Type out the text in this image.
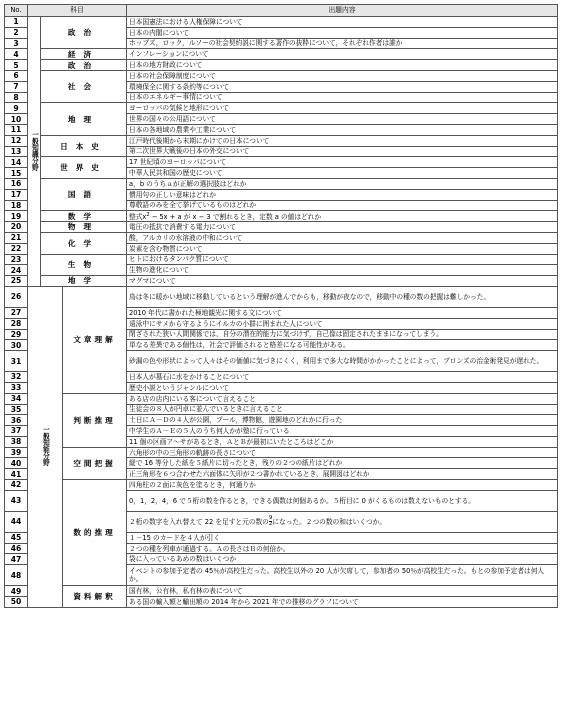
No.	科目			出題内容
1	一般知識分野	政治		日本国憲法における人権保障について
2				日本の内閣について
3				ホッブズ，ロック，ルソーの社会契約説に関する著作の抜粋について，それぞれ作者は誰か
4		経済		インフレーションについて
5		政治		日本の地方財政について
6		社会		日本の社会保障制度について
7				環境保全に関する条約等について
8				日本のエネルギー事情について
9		地理		ヨーロッパの気候と地形について
10				世界の国々の公用語について
11				日本の各地域の農業や工業について
12		日本史		江戸時代後期から末期にかけての日本について
13				第二次世界大戦後の日本の外交について
14		世界史		17 世紀頃のヨーロッパについて
15				中華人民共和国の歴史について
16		国語		a，b のうちａが正解の選択肢はどれか
17				慣用句の正しい意味はどれか
18				尊敬語のみを全て挙げているものはどれか
19		数学		整式$x^2 - 5x + a$ が x − 3 で割れるとき，定数 a の値はどれか
20		物理		電圧の抵抗で消費する電力について
21		化学		酸，アルカリの水溶液の中和について
22				炭素を含む物質について
23		生物		ヒトにおけるタンパク質について
24				生物の進化について
25		地学		マグマについて
26	一般知能分野		文章理解	鳥は冬に暖かい地域に移動しているという理解が進んでからも，移動が夜なので，移動中の種の数の把握は難しかった。
27				2010 年代に書かれた極地観光に関する文について
28				遠泳中にサメから守るようにイルカの小群に囲まれた人について
29				閉ざされた狭い人間関係では，自分の潜在的能力に気づけず，自己像は固定されたままになってしまう。
30				単なる差異である個性は，社会で評価されると格差になる可能性がある。
31				砂漏の色や形状によって人々はその価値に気づきにくく，利用まで多大な時間がかかったことによって，ブロンズの治金術発見が遅れた。
32				日本人が墓石に水をかけることについて
33				歴史小説というジャンルについて
34			判断推理	ある店の店内にいる客について言えること
35				生徒会の８人が円卓に並んでいるときに言えること
36				土日にＡ－Ｄの４人が公園，プール，博物館，遊園地のどれかに行った
37				中学生のＡ－Ｅの５人のうち何人かが塾に行っている
38				11 個の区画ア～サがあるとき，ＡとＢが最初にいたところはどこか
39			空間把握	六角形の中の三角形の軌跡の長さについて
40				縦で 16 等分した紙を５紙片に切ったとき，残りの２つの紙片はどれか
41				正三角形を６つ合わせた六面体に矢印が２つ書かれているとき，展開図はどれか
42			数的推理	四角柱の２面に灰色を塗るとき，何通りか
43				0，1，2，4，6 で５桁の数を作るとき，できる偶数は何個あるか。５桁目に 0 がくるものは数えないものとする。
44				２桁の数字を入れ替えて 22 を足すと元の数の $\frac{9}{2}$ になった。２つの数の和はいくつか。
45				１－15 のカードを４人が引く
46				２つの種を列車が通過する。Ａの長さはＢの何倍か。
47				袋に入っているあめの数はいくつか
48				イベントの参加予定者の 45％が高校生だった。高校生以外の 20 人が欠席して，参加者の 50％が高校生だった。もとの参加予定者は何人か。
49			資料解釈	国有林，公有林，私有林の表について
50				ある国の輸入額と輸出額の 2014 年から 2021 年での推移のグラフについて
